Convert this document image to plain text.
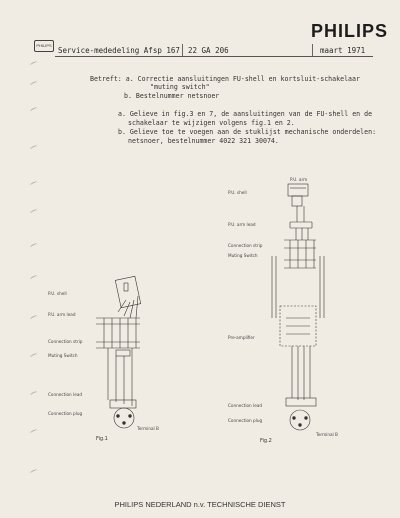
PHILIPS
PHILIPS
Service-mededeling Afsp 167 22 GA 206	maart 1971
Betreft: a. Correctie aansluitingen FU-shell en kortsluit-schakelaar
"muting switch"
b. Bestelnummer netsnoer
a. Gelieve in fig.3 en 7, de aansluitingen van de FU-shell en de
schakelaar te wijzigen volgens fig.1 en 2.
b. Gelieve toe te voegen aan de stuklijst mechanische onderdelen:
netsnoer, bestelnummer 4022 321 30074.
P.U. shell
P.U. arm lead
Connection strip
Muting Switch
Connection lead
Connection plug
Terminal B
Fig.1
P.U. arm
P.U. shell
P.U. arm lead
Connection strip
Muting Switch
Pre-amplifier
Connection lead
Connection plug
Terminal B
Fig.2
PHILIPS NEDERLAND n.v. TECHNISCHE DIENST
